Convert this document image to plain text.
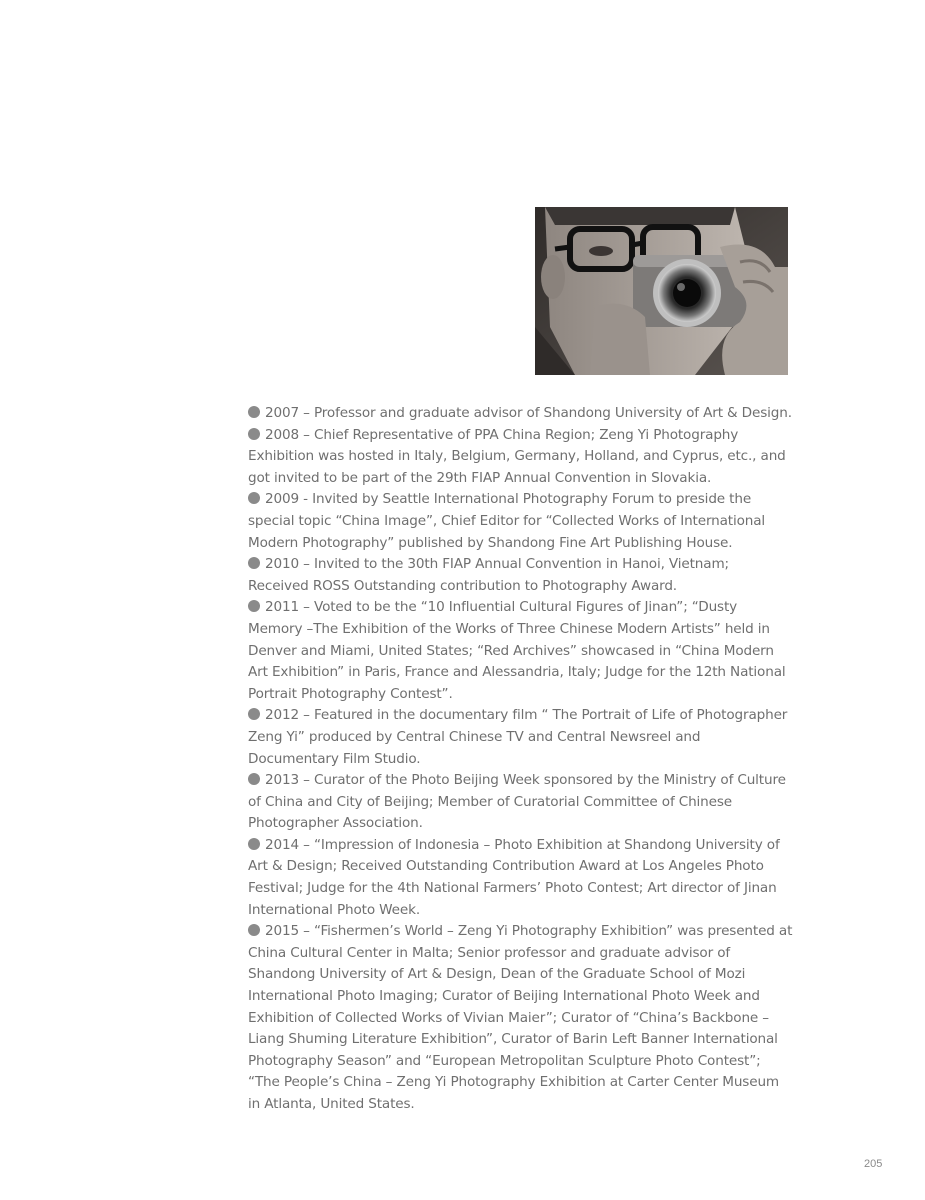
2007 – Professor and graduate advisor of Shandong University of Art & Design.
2008 – Chief Representative of PPA China Region; Zeng Yi Photography Exhibition was hosted in Italy, Belgium, Germany, Holland, and Cyprus, etc., and got invited to be part of the 29th FIAP Annual Convention in Slovakia.
2009 - Invited by Seattle International Photography Forum to preside the special topic “China Image”, Chief Editor for “Collected Works of International Modern Photography” published by Shandong Fine Art Publishing House.
2010 – Invited to the 30th FIAP Annual Convention in Hanoi, Vietnam; Received ROSS Outstanding contribution to Photography Award.
2011 – Voted to be the “10 Influential Cultural Figures of Jinan”; “Dusty Memory –The Exhibition of the Works of Three Chinese Modern Artists” held in Denver and Miami, United States; “Red Archives” showcased in “China Modern Art Exhibition” in Paris, France and Alessandria, Italy; Judge for the 12th National Portrait Photography Contest”.
2012 – Featured in the documentary film “ The Portrait of Life of Photographer Zeng Yi” produced by Central Chinese TV and Central Newsreel and Documentary Film Studio.
2013 – Curator of the Photo Beijing Week sponsored by the Ministry of Culture of China and City of Beijing; Member of Curatorial Committee of Chinese Photographer Association.
2014 – “Impression of Indonesia – Photo Exhibition at Shandong University of Art & Design; Received Outstanding Contribution Award at Los Angeles Photo Festival; Judge for the 4th National Farmers’ Photo Contest; Art director of Jinan International Photo Week.
2015 – “Fishermen’s World – Zeng Yi Photography Exhibition” was presented at China Cultural Center in Malta; Senior professor and graduate advisor of Shandong University of Art & Design, Dean of the Graduate School of Mozi International Photo Imaging; Curator of Beijing International Photo Week and Exhibition of Collected Works of Vivian Maier”; Curator of “China’s Backbone – Liang Shuming Literature Exhibition”, Curator of Barin Left Banner International Photography Season” and “European Metropolitan Sculpture Photo Contest”;
“The People’s China – Zeng Yi Photography Exhibition at Carter Center Museum in Atlanta, United States.
205
